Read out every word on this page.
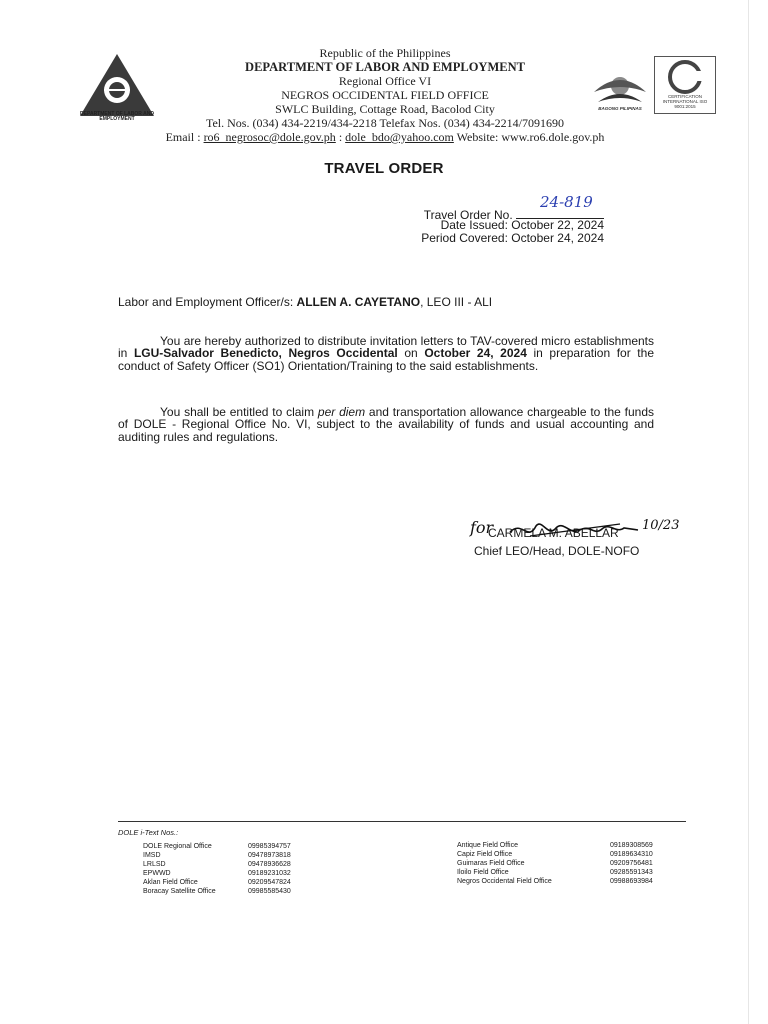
DEPARTMENT OF LABOR AND EMPLOYMENT
Republic of the Philippines
DEPARTMENT OF LABOR AND EMPLOYMENT
Regional Office VI
NEGROS OCCIDENTAL FIELD OFFICE
SWLC Building, Cottage Road, Bacolod City
Tel. Nos. (034) 434-2219/434-2218 Telefax Nos. (034) 434-2214/7091690
Email : ro6_negrosoc@dole.gov.ph : dole_bdo@yahoo.com Website: www.ro6.dole.gov.ph
BAGONG PILIPINAS
CERTIFICATION INTERNATIONAL ISO 9001:2015
TRAVEL ORDER
Travel Order No.
24-819
Date Issued: October 22, 2024
Period Covered: October 24, 2024
Labor and Employment Officer/s: ALLEN A. CAYETANO, LEO III - ALI
You are hereby authorized to distribute invitation letters to TAV-covered micro establishments in LGU-Salvador Benedicto, Negros Occidental on October 24, 2024 in preparation for the conduct of Safety Officer (SO1) Orientation/Training to the said establishments.
You shall be entitled to claim per diem and transportation allowance chargeable to the funds of DOLE - Regional Office No. VI, subject to the availability of funds and usual accounting and auditing rules and regulations.
CARMELA M. ABELLAR
for	10/23
Chief LEO/Head, DOLE-NOFO
DOLE i-Text Nos.:
DOLE Regional Office	09985394757
IMSD	09478973818
LRLSD	09478936628
EPWWD	09189231032
Aklan Field Office	09209547824
Boracay Satellite Office	09985585430
Antique Field Office	09189308569
Capiz Field Office	09189634310
Guimaras Field Office	09209756481
Iloilo Field Office	09285591343
Negros Occidental Field Office	09988693984
